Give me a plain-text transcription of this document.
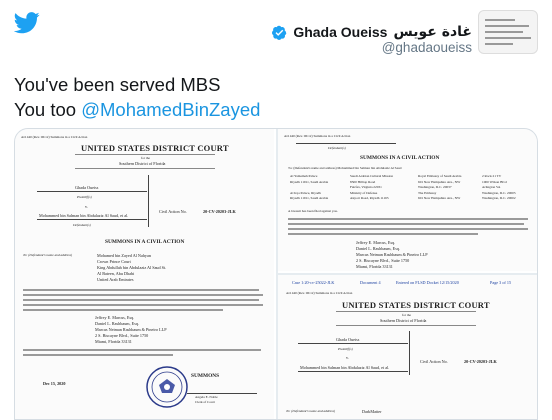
Ghada Oueiss غادة عويس
@ghadaoueiss
You've been served MBS
You too @MohamedBinZayed
AO 440 (Rev. 06/12) Summons in a Civil Action
UNITED STATES DISTRICT COURT
for the
Southern District of Florida
Ghada Oueiss
Plaintiff(s)
v.
Mohammed bin Salman bin Abdulaziz Al Saud, et al.
Defendant(s)
Civil Action No.	20-CV-20203-JLK
SUMMONS IN A CIVIL ACTION
To: (Defendant's name and address)	Mohamed bin Zayed Al Nahyan
Crown Prince Court
King Abdullah bin Abdulaziz Al Saud St.
Al Bateen, Abu Dhabi
United Arab Emirates
Jeffrey E. Marcus, Esq.
Daniel L. Rashbaum, Esq.
Marcus Neiman Rashbaum & Pineiro LLP
2 S. Biscayne Blvd., Suite 1750
Miami, Florida 33131
Dec 15, 2020
SUMMONS
Angela E. Noble
Clerk of Court
AO 440 (Rev. 06/12) Summons in a Civil Action
Defendant(s)
SUMMONS IN A CIVIL ACTION
To: (Defendant's name and address) Mohammed bin Salman bin Abdulaziz Al Saud
Al Yamamah Palace
Riyadh 11911, Saudi Arabia
Al Irqa Palace, Riyadh
Riyadh 11911, Saudi Arabia
Saudi Arabian Cultural Mission
8500 Hilltop Road
Fairfax, Virginia 22031
Ministry of Defense
Airport Road, Riyadh 11165
Royal Embassy of Saudi Arabia
601 New Hampshire Ave., NW
Washington, D.C. 20037
The Embassy
601 New Hampshire Ave., NW
2 Rock 21 TV
1000 Wilson Blvd
Arlington VA
Washington, D.C. 20005
Washington, D.C. 20002
A lawsuit has been filed against you.
Jeffrey E. Marcus, Esq.
Daniel L. Rashbaum, Esq.
Marcus Neiman Rashbaum & Pineiro LLP
2 S. Biscayne Blvd., Suite 1750
Miami, Florida 33131
Case 1:20-cv-25022-JLK	Document 4	Entered on FLSD Docket 12/15/2020	Page 3 of 15
AO 440 (Rev. 06/12) Summons in a Civil Action
UNITED STATES DISTRICT COURT
for the
Southern District of Florida
Ghada Oueiss
Plaintiff(s)
v.
Mohammed bin Salman bin Abdulaziz Al Saud, et al.
Civil Action No.	20-CV-20203-JLK
To: (Defendant's name and address)	DarkMatter
